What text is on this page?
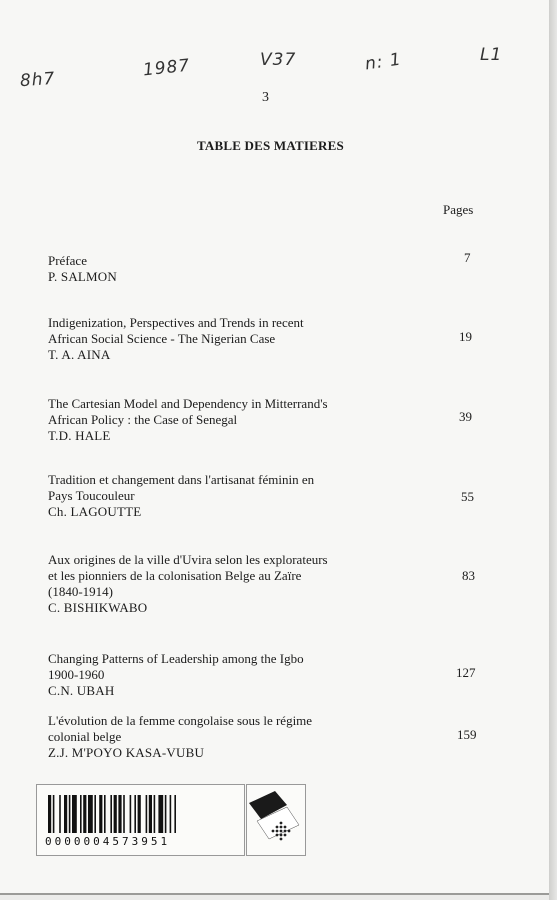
8h7	1987	V37	n: 1	L1
3
TABLE DES MATIERES
Pages
Préface
P. SALMON
7
Indigenization, Perspectives and Trends in recent
African Social Science - The Nigerian Case
T. A. AINA
19
The Cartesian Model and Dependency in Mitterrand's
African Policy : the Case of Senegal
T.D. HALE
39
Tradition et changement dans l'artisanat féminin en
Pays Toucouleur
Ch. LAGOUTTE
55
Aux origines de la ville d'Uvira selon les explorateurs
et les pionniers de la colonisation Belge au Zaïre
(1840-1914)
C. BISHIKWABO
83
Changing Patterns of Leadership among the Igbo
1900-1960
C.N. UBAH
127
L'évolution de la femme congolaise sous le régime
colonial belge
Z.J. M'POYO KASA-VUBU
159
0000004573951
